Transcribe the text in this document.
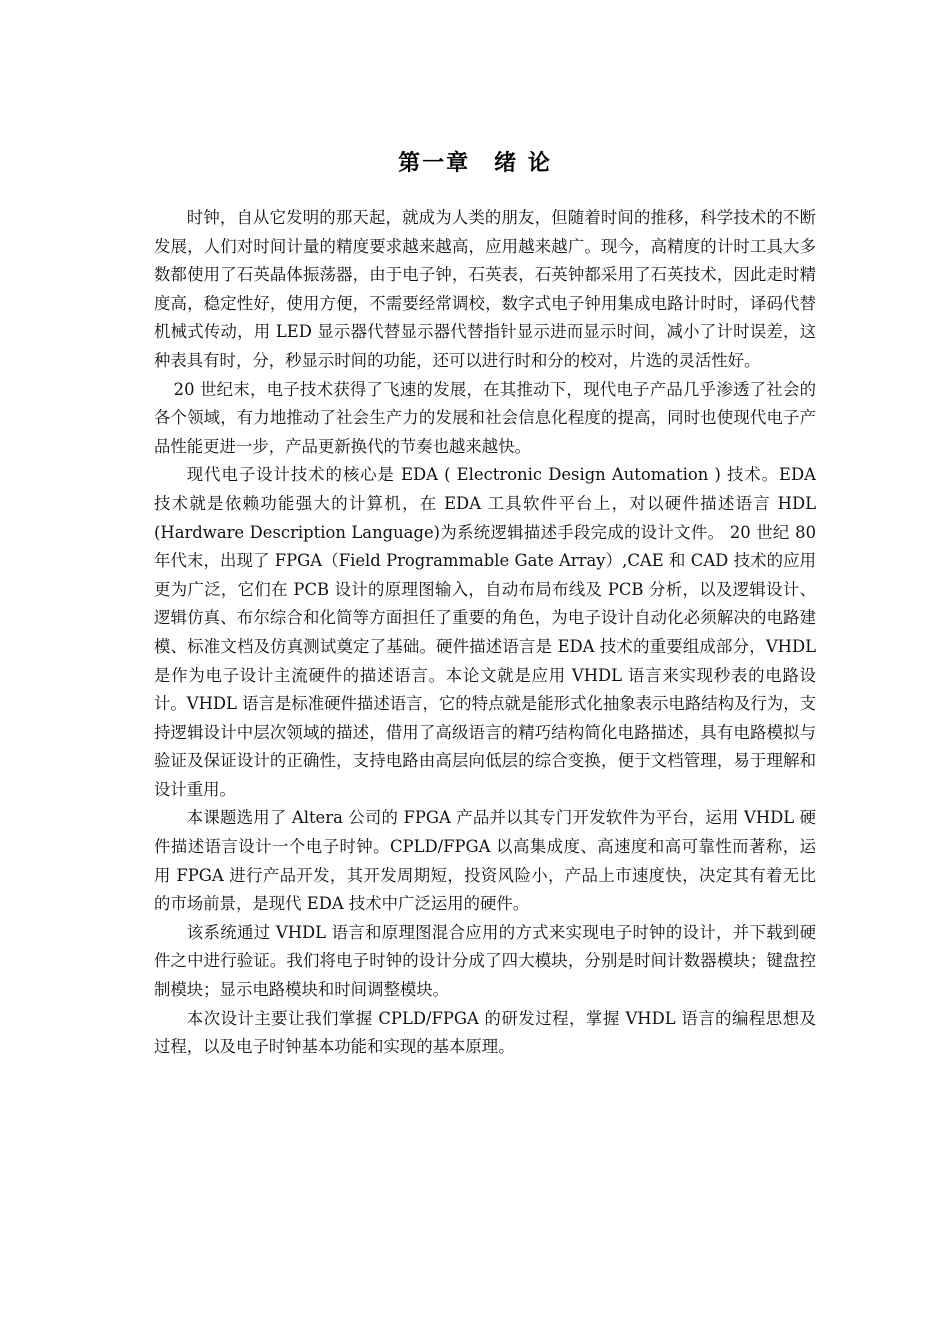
第一章 绪 论

时钟，自从它发明的那天起，就成为人类的朋友，但随着时间的推移，科学技术的不断发展，人们对时间计量的精度要求越来越高，应用越来越广。现今，高精度的计时工具大多数都使用了石英晶体振荡器，由于电子钟，石英表，石英钟都采用了石英技术，因此走时精度高，稳定性好，使用方便，不需要经常调校，数字式电子钟用集成电路计时时，译码代替机械式传动，用 LED 显示器代替显示器代替指针显示进而显示时间，减小了计时误差，这种表具有时，分，秒显示时间的功能，还可以进行时和分的校对，片选的灵活性好。

20 世纪末，电子技术获得了飞速的发展，在其推动下，现代电子产品几乎渗透了社会的各个领域，有力地推动了社会生产力的发展和社会信息化程度的提高，同时也使现代电子产品性能更进一步，产品更新换代的节奏也越来越快。

现代电子设计技术的核心是 EDA ( Electronic Design Automation ) 技术。EDA 技术就是依赖功能强大的计算机，在 EDA 工具软件平台上，对以硬件描述语言 HDL (Hardware Description Language)为系统逻辑描述手段完成的设计文件。 20 世纪 80 年代末，出现了 FPGA（Field Programmable Gate Array）,CAE 和 CAD 技术的应用更为广泛，它们在 PCB 设计的原理图输入，自动布局布线及 PCB 分析，以及逻辑设计、逻辑仿真、布尔综合和化简等方面担任了重要的角色，为电子设计自动化必须解决的电路建模、标准文档及仿真测试奠定了基础。硬件描述语言是 EDA 技术的重要组成部分，VHDL 是作为电子设计主流硬件的描述语言。本论文就是应用 VHDL 语言来实现秒表的电路设计。VHDL 语言是标准硬件描述语言，它的特点就是能形式化抽象表示电路结构及行为，支持逻辑设计中层次领域的描述，借用了高级语言的精巧结构简化电路描述，具有电路模拟与验证及保证设计的正确性，支持电路由高层向低层的综合变换，便于文档管理，易于理解和设计重用。

本课题选用了 Altera 公司的 FPGA 产品并以其专门开发软件为平台，运用 VHDL 硬件描述语言设计一个电子时钟。CPLD/FPGA 以高集成度、高速度和高可靠性而著称，运用 FPGA 进行产品开发，其开发周期短，投资风险小，产品上市速度快，决定其有着无比的市场前景，是现代 EDA 技术中广泛运用的硬件。

该系统通过 VHDL 语言和原理图混合应用的方式来实现电子时钟的设计，并下载到硬件之中进行验证。我们将电子时钟的设计分成了四大模块，分别是时间计数器模块；键盘控制模块；显示电路模块和时间调整模块。

本次设计主要让我们掌握 CPLD/FPGA 的研发过程，掌握 VHDL 语言的编程思想及过程，以及电子时钟基本功能和实现的基本原理。
